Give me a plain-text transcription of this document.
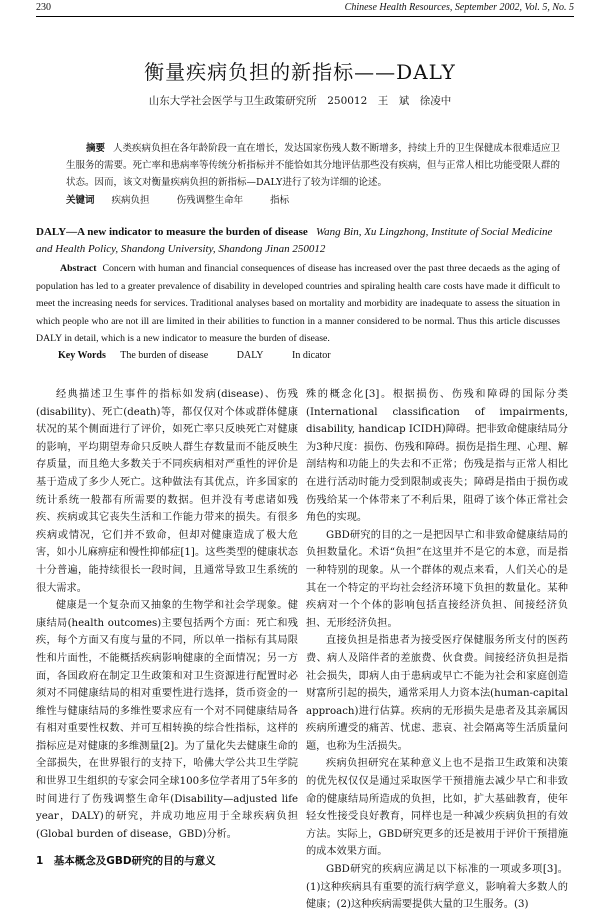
230	Chinese Health Resources, September 2002, Vol. 5, No. 5
衡量疾病负担的新指标——DALY
山东大学社会医学与卫生政策研究所　250012　王　斌　徐凌中
摘要 人类疾病负担在各年龄阶段一直在增长，发达国家伤残人数不断增多，持续上升的卫生保健成本很难适应卫生服务的需要。死亡率和患病率等传统分析指标并不能恰如其分地评估那些没有疾病，但与正常人相比功能受限人群的状态。因而，该文对衡量疾病负担的新指标—DALY进行了较为详细的论述。
关键词 疾病负担	伤残调整生命年	指标
DALY—A new indicator to measure the burden of disease Wang Bin, Xu Lingzhong, Institute of Social Medicine and Health Policy, Shandong University, Shandong Jinan 250012
Abstract Concern with human and financial consequences of disease has increased over the past three decaeds as the aging of population has led to a greater prevalence of disability in developed countries and spiraling health care costs have made it difficult to meet the increasing needs for services. Traditional analyses based on mortality and morbidity are inadequate to assess the situation in which people who are not ill are limited in their abilities to function in a manner considered to be normal. Thus this article discusses DALY in detail, which is a new indicator to measure the burden of disease.
Key Words The burden of disease	DALY	In dicator

经典描述卫生事件的指标如发病(disease)、伤残(disability)、死亡(death)等，都仅仅对个体或群体健康状况的某个侧面进行了评价，如死亡率只反映死亡对健康的影响，平均期望寿命只反映人群生存数量而不能反映生存质量，而且绝大多数关于不同疾病相对严重性的评价是基于造成了多少人死亡。这种做法有其优点，许多国家的统计系统一般都有所需要的数据。但并没有考虑诸如残疾、疾病或其它丧失生活和工作能力带来的损失。有很多疾病或情况，它们并不致命，但却对健康造成了极大危害，如小儿麻痹症和慢性抑郁症[1]。这些类型的健康状态十分普遍，能持续很长一段时间，且通常导致卫生系统的很大需求。

健康是一个复杂而又抽象的生物学和社会学现象。健康结局(health outcomes)主要包括两个方面：死亡和残疾，每个方面又有度与量的不同，所以单一指标有其局限性和片面性，不能概括疾病影响健康的全面情况；另一方面，各国政府在制定卫生政策和对卫生资源进行配置时必须对不同健康结局的相对重要性进行选择，货币资金的一维性与健康结局的多维性要求应有一个对不同健康结局各有相对重要性权数、并可互相转换的综合性指标，这样的指标应是对健康的多维测量[2]。为了量化失去健康生命的全部损失，在世界银行的支持下，哈佛大学公共卫生学院和世界卫生组织的专家会同全球100多位学者用了5年多的时间进行了伤残调整生命年(Disability—adjusted life year，DALY)的研究，并成功地应用于全球疾病负担(Global burden of disease，GBD)分析。

1　基本概念及GBD研究的目的与意义

殊的概念化[3]。根据损伤、伤残和障碍的国际分类(International classification of impairments, disability, handicap ICIDH)障碍。把非致命健康结局分为3种尺度：损伤、伤残和障碍。损伤是指生理、心理、解剖结构和功能上的失去和不正常；伤残是指与正常人相比在进行活动时能力受到限制或丧失；障碍是指由于损伤或伤残给某一个体带来了不利后果，阻碍了该个体正常社会角色的实现。

GBD研究的目的之一是把因早亡和非致命健康结局的负担数量化。术语“负担”在这里并不是它的本意，而是指一种特别的现象。从一个群体的观点来看，人们关心的是其在一个特定的平均社会经济环境下负担的数量化。某种疾病对一个个体的影响包括直接经济负担、间接经济负担、无形经济负担。

直接负担是指患者为接受医疗保健服务所支付的医药费、病人及陪伴者的差旅费、伙食费。间接经济负担是指社会损失，即病人由于患病或早亡不能为社会和家庭创造财富所引起的损失，通常采用人力资本法(human-capital approach)进行估算。疾病的无形损失是患者及其亲属因疾病所遭受的痛苦、忧虑、悲哀、社会隔离等生活质量问题，也称为生活损失。

疾病负担研究在某种意义上也不是指卫生政策和决策的优先权仅仅是通过采取医学干预措施去减少早亡和非致命的健康结局所造成的负担，比如，扩大基础教育，使年轻女性接受良好教育，同样也是一种减少疾病负担的有效方法。实际上，GBD研究更多的还是被用于评价干预措施的成本效果方面。

GBD研究的疾病应满足以下标准的一项或多项[3]。(1)这种疾病具有重要的流行病学意义，影响着大多数人的健康；(2)这种疾病需要提供大量的卫生服务。(3)
